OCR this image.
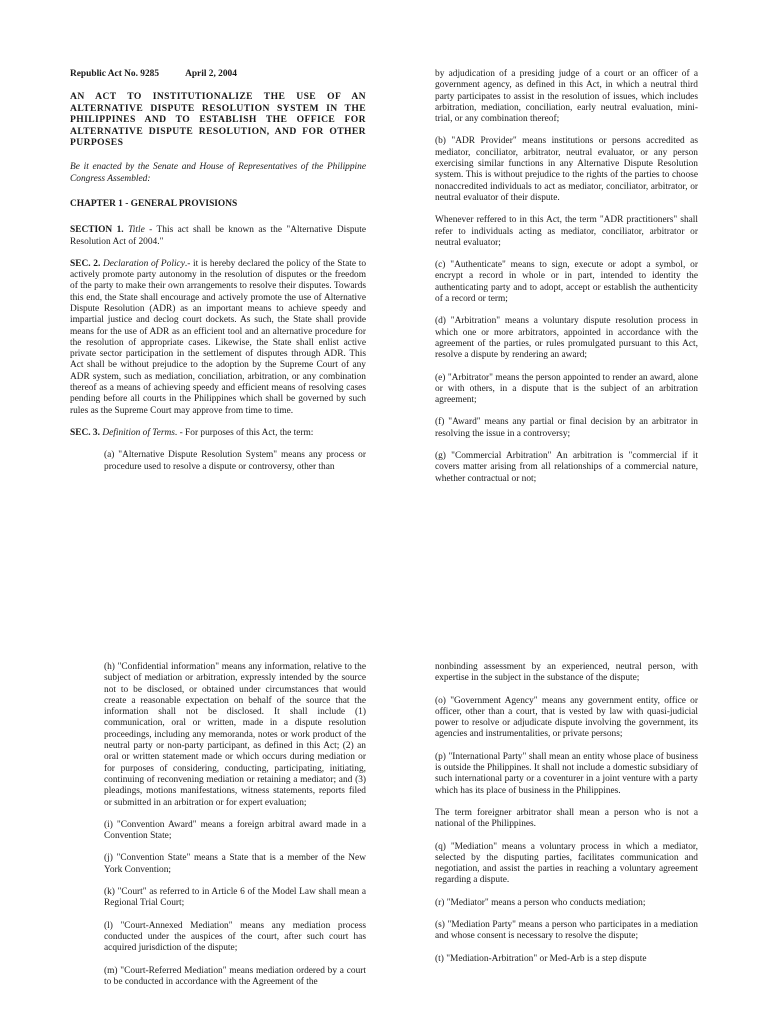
Republic Act No. 9285	April 2, 2004

AN ACT TO INSTITUTIONALIZE THE USE OF AN ALTERNATIVE DISPUTE RESOLUTION SYSTEM IN THE PHILIPPINES AND TO ESTABLISH THE OFFICE FOR ALTERNATIVE DISPUTE RESOLUTION, AND FOR OTHER PURPOSES

Be it enacted by the Senate and House of Representatives of the Philippine Congress Assembled:

CHAPTER 1 - GENERAL PROVISIONS

SECTION 1. Title - This act shall be known as the "Alternative Dispute Resolution Act of 2004."

SEC. 2. Declaration of Policy.- it is hereby declared the policy of the State to actively promote party autonomy in the resolution of disputes or the freedom of the party to make their own arrangements to resolve their disputes. Towards this end, the State shall encourage and actively promote the use of Alternative Dispute Resolution (ADR) as an important means to achieve speedy and impartial justice and declog court dockets. As such, the State shall provide means for the use of ADR as an efficient tool and an alternative procedure for the resolution of appropriate cases. Likewise, the State shall enlist active private sector participation in the settlement of disputes through ADR. This Act shall be without prejudice to the adoption by the Supreme Court of any ADR system, such as mediation, conciliation, arbitration, or any combination thereof as a means of achieving speedy and efficient means of resolving cases pending before all courts in the Philippines which shall be governed by such rules as the Supreme Court may approve from time to time.

SEC. 3. Definition of Terms. - For purposes of this Act, the term:

(a) "Alternative Dispute Resolution System" means any process or procedure used to resolve a dispute or controversy, other than

by adjudication of a presiding judge of a court or an officer of a government agency, as defined in this Act, in which a neutral third party participates to assist in the resolution of issues, which includes arbitration, mediation, conciliation, early neutral evaluation, mini-trial, or any combination thereof;

(b) "ADR Provider" means institutions or persons accredited as mediator, conciliator, arbitrator, neutral evaluator, or any person exercising similar functions in any Alternative Dispute Resolution system. This is without prejudice to the rights of the parties to choose nonaccredited individuals to act as mediator, conciliator, arbitrator, or neutral evaluator of their dispute.

Whenever reffered to in this Act, the term "ADR practitioners" shall refer to individuals acting as mediator, conciliator, arbitrator or neutral evaluator;

(c) "Authenticate" means to sign, execute or adopt a symbol, or encrypt a record in whole or in part, intended to identity the authenticating party and to adopt, accept or establish the authenticity of a record or term;

(d) "Arbitration" means a voluntary dispute resolution process in which one or more arbitrators, appointed in accordance with the agreement of the parties, or rules promulgated pursuant to this Act, resolve a dispute by rendering an award;

(e) "Arbitrator" means the person appointed to render an award, alone or with others, in a dispute that is the subject of an arbitration agreement;

(f) "Award" means any partial or final decision by an arbitrator in resolving the issue in a controversy;

(g) "Commercial Arbitration" An arbitration is "commercial if it covers matter arising from all relationships of a commercial nature, whether contractual or not;

(h) "Confidential information" means any information, relative to the subject of mediation or arbitration, expressly intended by the source not to be disclosed, or obtained under circumstances that would create a reasonable expectation on behalf of the source that the information shall not be disclosed. It shall include (1) communication, oral or written, made in a dispute resolution proceedings, including any memoranda, notes or work product of the neutral party or non-party participant, as defined in this Act; (2) an oral or written statement made or which occurs during mediation or for purposes of considering, conducting, participating, initiating, continuing of reconvening mediation or retaining a mediator; and (3) pleadings, motions manifestations, witness statements, reports filed or submitted in an arbitration or for expert evaluation;

(i) "Convention Award" means a foreign arbitral award made in a Convention State;

(j) "Convention State" means a State that is a member of the New York Convention;

(k) "Court" as referred to in Article 6 of the Model Law shall mean a Regional Trial Court;

(l) "Court-Annexed Mediation" means any mediation process conducted under the auspices of the court, after such court has acquired jurisdiction of the dispute;

(m) "Court-Referred Mediation" means mediation ordered by a court to be conducted in accordance with the Agreement of the

nonbinding assessment by an experienced, neutral person, with expertise in the subject in the substance of the dispute;

(o) "Government Agency" means any government entity, office or officer, other than a court, that is vested by law with quasi-judicial power to resolve or adjudicate dispute involving the government, its agencies and instrumentalities, or private persons;

(p) "International Party" shall mean an entity whose place of business is outside the Philippines. It shall not include a domestic subsidiary of such international party or a coventurer in a joint venture with a party which has its place of business in the Philippines.

The term foreigner arbitrator shall mean a person who is not a national of the Philippines.

(q) "Mediation" means a voluntary process in which a mediator, selected by the disputing parties, facilitates communication and negotiation, and assist the parties in reaching a voluntary agreement regarding a dispute.

(r) "Mediator" means a person who conducts mediation;

(s) "Mediation Party" means a person who participates in a mediation and whose consent is necessary to resolve the dispute;

(t) "Mediation-Arbitration" or Med-Arb is a step dispute
